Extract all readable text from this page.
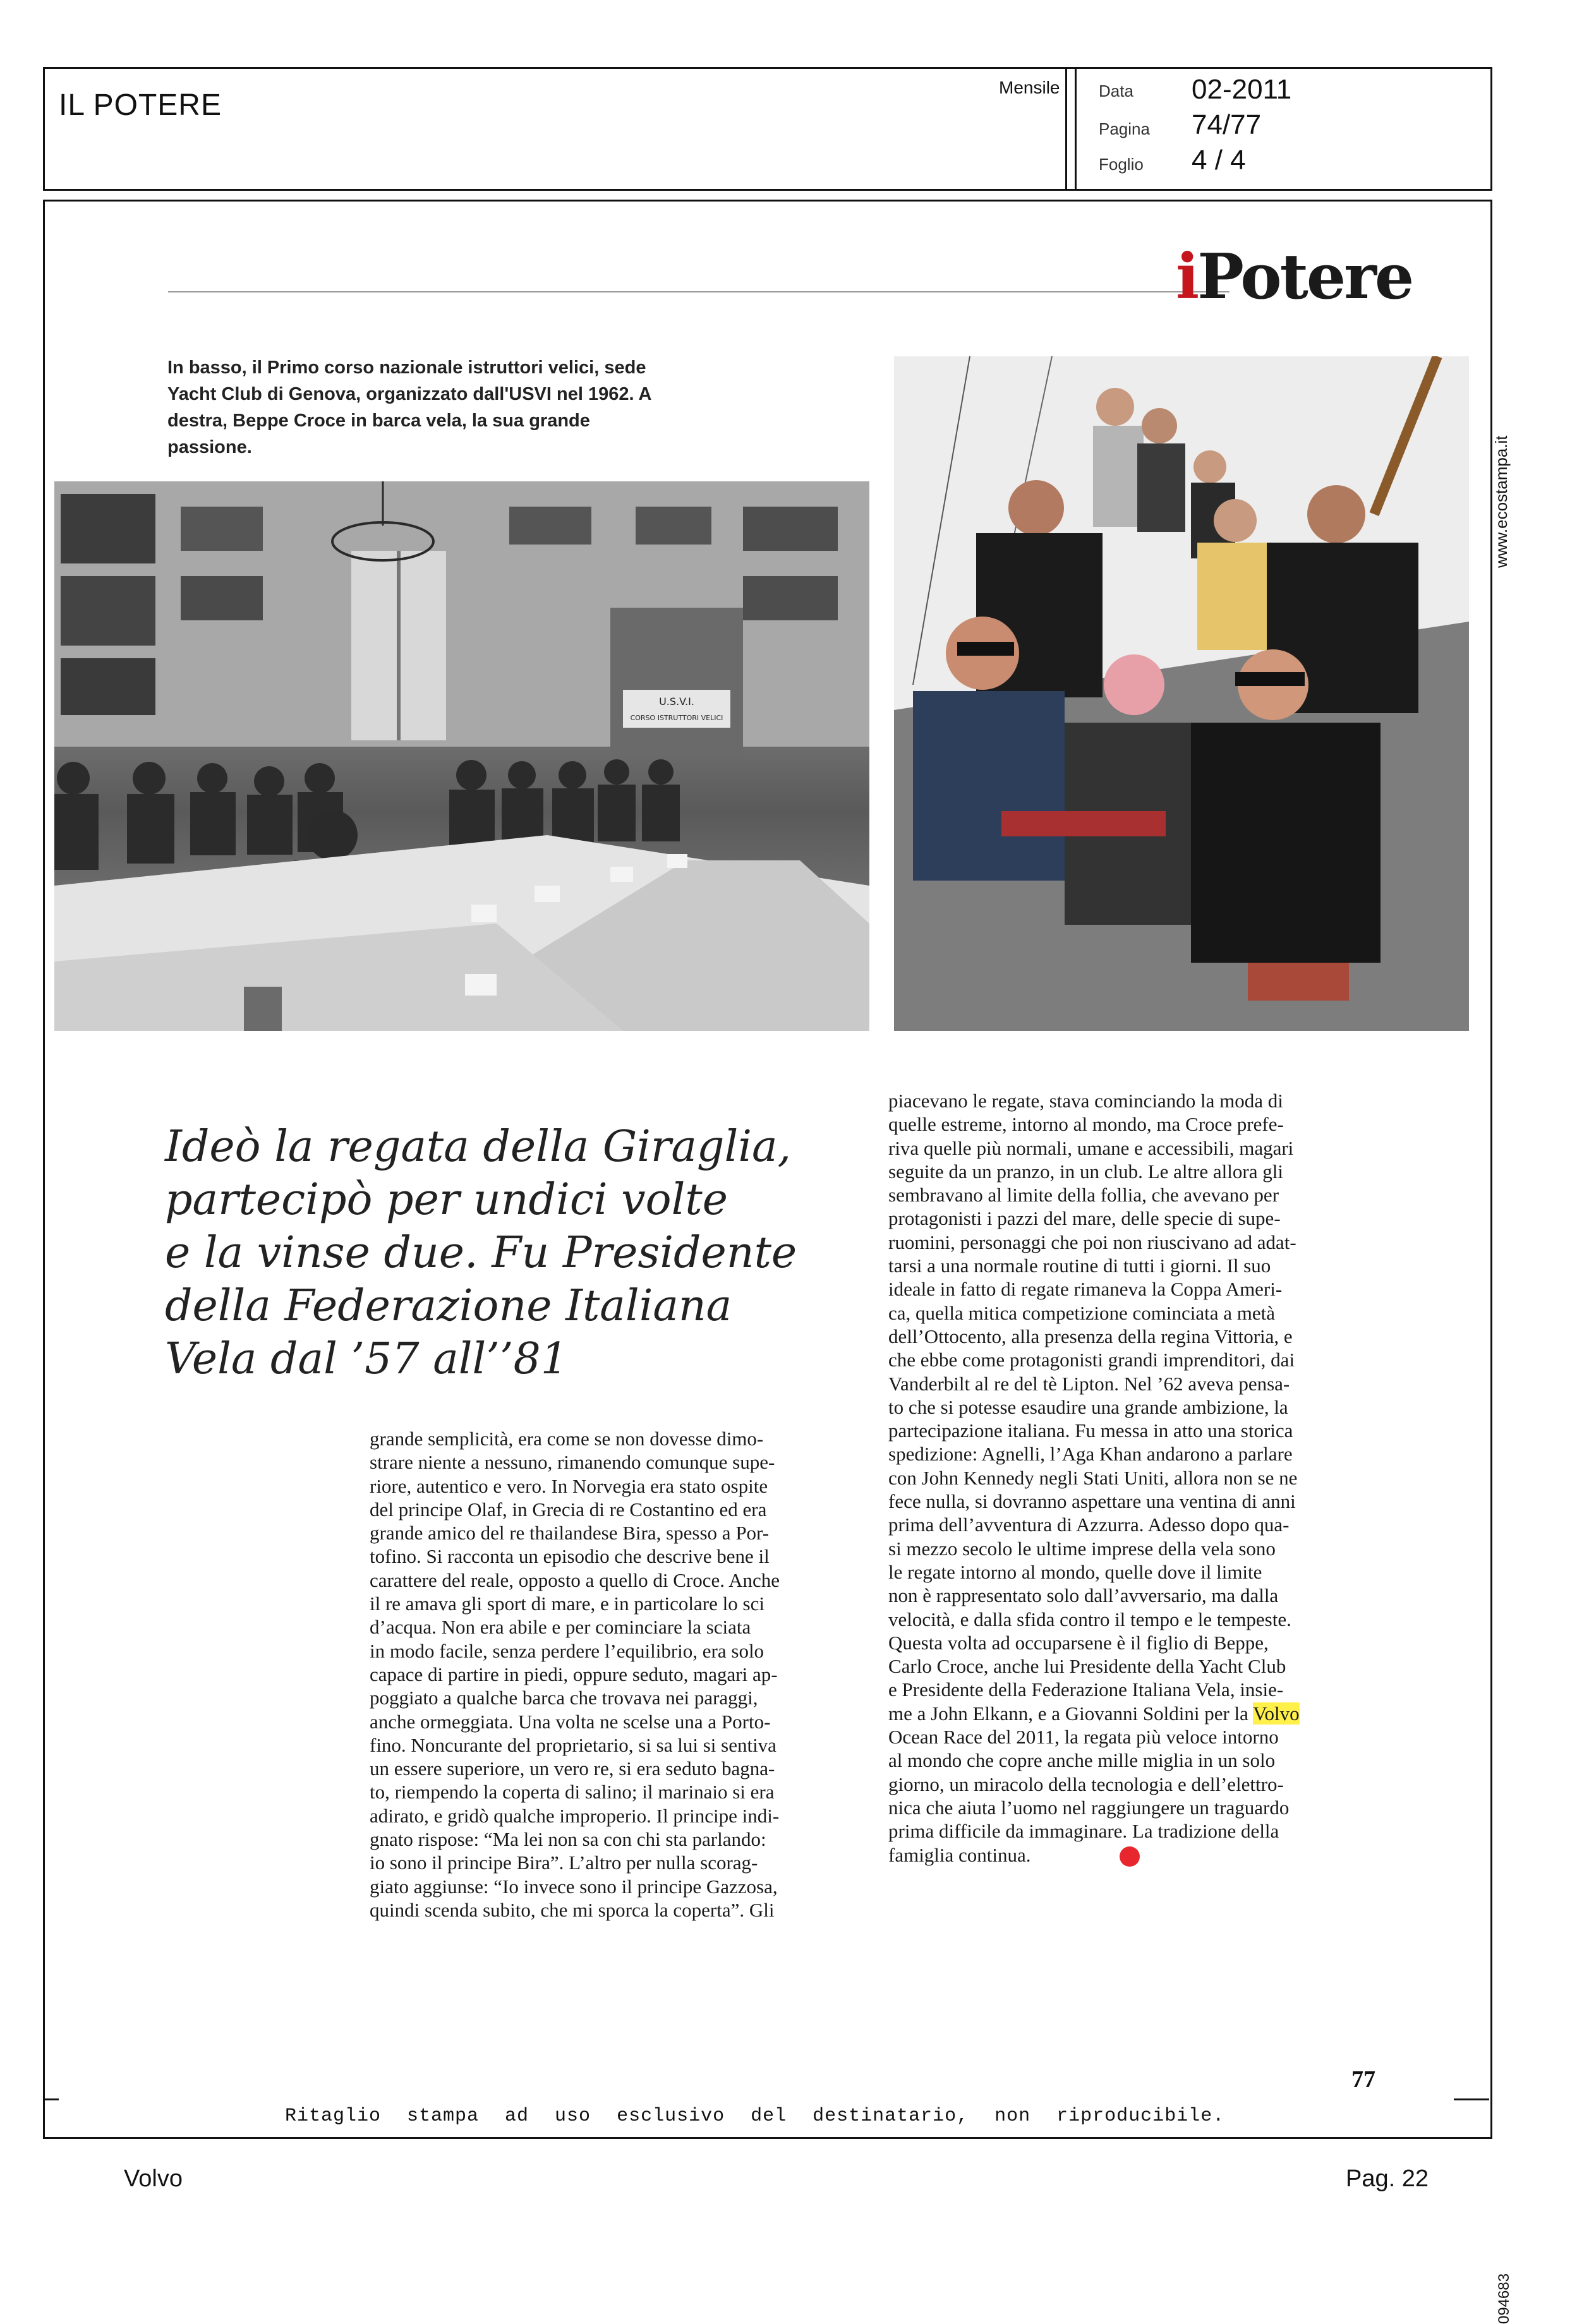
IL POTERE
Mensile Data 02-2011
Pagina 74/77
Foglio 4 / 4
iPotere
www.ecostampa.it
In basso, il Primo corso nazionale istruttori velici, sede Yacht Club di Genova, organizzato dall'USVI nel 1962. A destra, Beppe Croce in barca vela, la sua grande passione.
U.S.V.I.
CORSO ISTRUTTORI VELICI
Ideò la regata della Giraglia,
partecipò per undici volte
e la vinse due. Fu Presidente
della Federazione Italiana
Vela dal ’57 all’’81
grande semplicità, era come se non dovesse dimo-
strare niente a nessuno, rimanendo comunque supe-
riore, autentico e vero. In Norvegia era stato ospite
del principe Olaf, in Grecia di re Costantino ed era
grande amico del re thailandese Bira, spesso a Por-
tofino. Si racconta un episodio che descrive bene il
carattere del reale, opposto a quello di Croce. Anche
il re amava gli sport di mare, e in particolare lo sci
d’acqua. Non era abile e per cominciare la sciata
in modo facile, senza perdere l’equilibrio, era solo
capace di partire in piedi, oppure seduto, magari ap-
poggiato a qualche barca che trovava nei paraggi,
anche ormeggiata. Una volta ne scelse una a Porto-
fino. Noncurante del proprietario, si sa lui si sentiva
un essere superiore, un vero re, si era seduto bagna-
to, riempendo la coperta di salino; il marinaio si era
adirato, e gridò qualche improperio. Il principe indi-
gnato rispose: “Ma lei non sa con chi sta parlando:
io sono il principe Bira”. L’altro per nulla scorag-
giato aggiunse: “Io invece sono il principe Gazzosa,
quindi scenda subito, che mi sporca la coperta”. Gli
piacevano le regate, stava cominciando la moda di
quelle estreme, intorno al mondo, ma Croce prefe-
riva quelle più normali, umane e accessibili, magari
seguite da un pranzo, in un club. Le altre allora gli
sembravano al limite della follia, che avevano per
protagonisti i pazzi del mare, delle specie di supe-
ruomini, personaggi che poi non riuscivano ad adat-
tarsi a una normale routine di tutti i giorni. Il suo
ideale in fatto di regate rimaneva la Coppa Ameri-
ca, quella mitica competizione cominciata a metà
dell’Ottocento, alla presenza della regina Vittoria, e
che ebbe come protagonisti grandi imprenditori, dai
Vanderbilt al re del tè Lipton. Nel ’62 aveva pensa-
to che si potesse esaudire una grande ambizione, la
partecipazione italiana. Fu messa in atto una storica
spedizione: Agnelli, l’Aga Khan andarono a parlare
con John Kennedy negli Stati Uniti, allora non se ne
fece nulla, si dovranno aspettare una ventina di anni
prima dell’avventura di Azzurra. Adesso dopo qua-
si mezzo secolo le ultime imprese della vela sono
le regate intorno al mondo, quelle dove il limite
non è rappresentato solo dall’avversario, ma dalla
velocità, e dalla sfida contro il tempo e le tempeste.
Questa volta ad occuparsene è il figlio di Beppe,
Carlo Croce, anche lui Presidente della Yacht Club
e Presidente della Federazione Italiana Vela, insie-
me a John Elkann, e a Giovanni Soldini per la Volvo
Ocean Race del 2011, la regata più veloce intorno
al mondo che copre anche mille miglia in un solo
giorno, un miracolo della tecnologia e dell’elettro-
nica che aiuta l’uomo nel raggiungere un traguardo
prima difficile da immaginare. La tradizione della
famiglia continua.
77
Ritaglio stampa ad uso esclusivo del destinatario, non riproducibile.
094683
Volvo	Pag. 22
